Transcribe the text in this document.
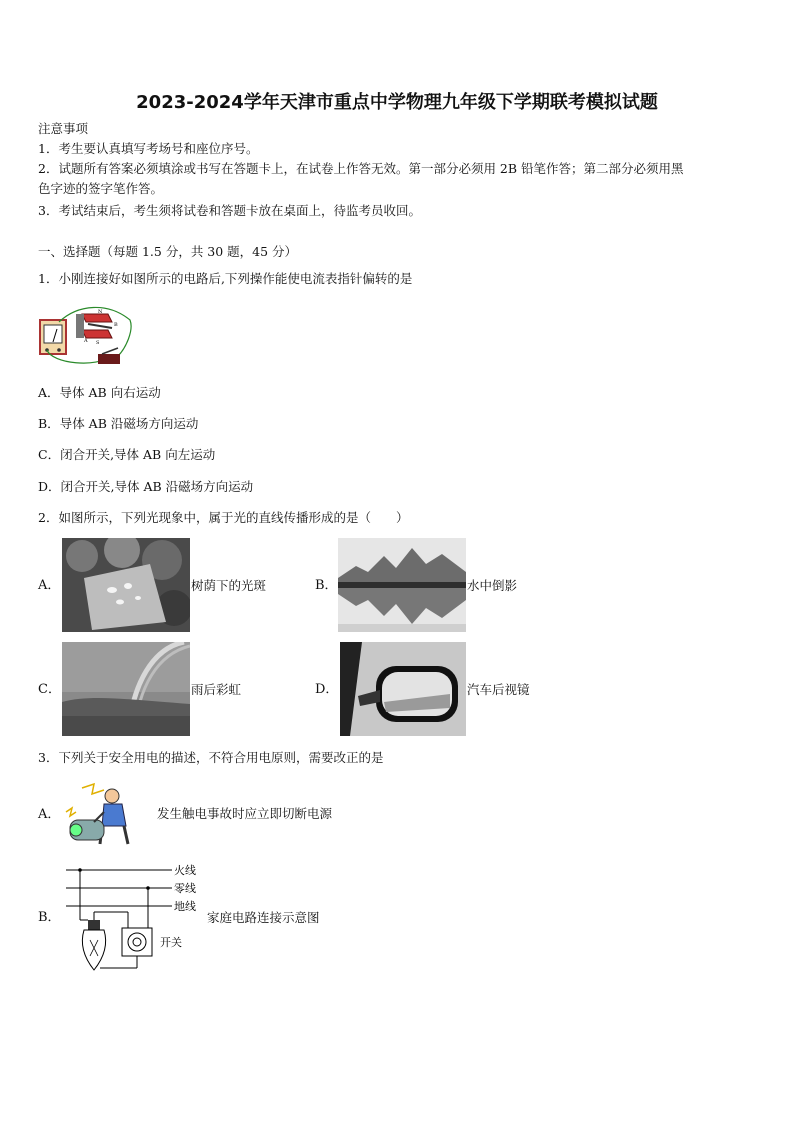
2023-2024学年天津市重点中学物理九年级下学期联考模拟试题
注意事项
1．考生要认真填写考场号和座位序号。
2．试题所有答案必须填涂或书写在答题卡上，在试卷上作答无效。第一部分必须用 2B 铅笔作答；第二部分必须用黑
色字迹的签字笔作答。
3．考试结束后，考生须将试卷和答题卡放在桌面上，待监考员收回。
一、选择题（每题 1.5 分，共 30 题，45 分）
1．小刚连接好如图所示的电路后,下列操作能使电流表指针偏转的是
N
S
A
B
A．导体 AB 向右运动
B．导体 AB 沿磁场方向运动
C．闭合开关,导体 AB 向左运动
D．闭合开关,导体 AB 沿磁场方向运动
2．如图所示，下列光现象中，属于光的直线传播形成的是（　　）
A．	树荫下的光斑	B．	水中倒影
C．	雨后彩虹	D．	汽车后视镜
3．下列关于安全用电的描述，不符合用电原则，需要改正的是
A．	发生触电事故时应立即切断电源
B．
火线
零线
地线
开关
家庭电路连接示意图
